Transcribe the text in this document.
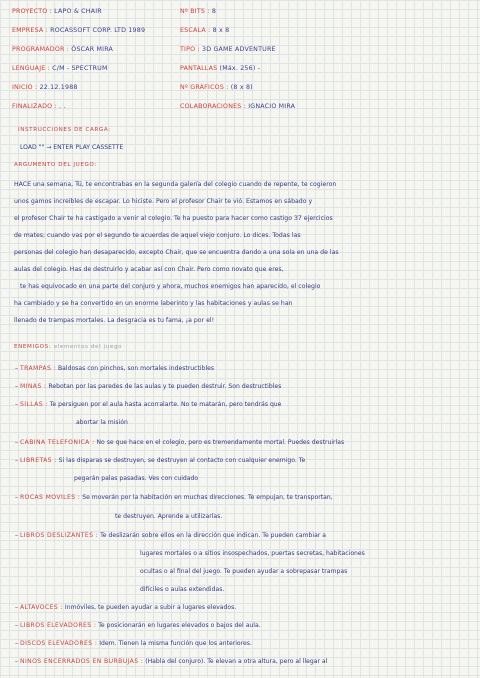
PROYECTO : LAPO & CHAIR
EMPRESA : ROCASSOFT CORP. LTD 1989
PROGRAMADOR : ÓSCAR MIRA
LENGUAJE : C/M - SPECTRUM
INICIO : 22.12.1988
FINALIZADO : . .
Nº BITS : 8
ESCALA : 8 x 8
TIPO : 3D GAME ADVENTURE
PANTALLAS (Máx. 256) -
Nº GRÁFICOS : (8 x 8)
COLABORACIONES : IGNACIO MIRA
INSTRUCCIONES DE CARGA:
LOAD "" → ENTER PLAY CASSETTE
ARGUMENTO DEL JUEGO:
HACE una semana, Tú, te encontrabas en la segunda galería del colegio cuando de repente, te cogieron
unos gamos increíbles de escapar. Lo hiciste. Pero el profesor Chair te vió. Estamos en sábado y
el profesor Chair te ha castigado a venir al colegio. Te ha puesto para hacer como castigo 37 ejercicios
de mates; cuando vas por el segundo te acuerdas de aquel viejo conjuro. Lo dices. Todas las
personas del colegio han desaparecido, excepto Chair, que se encuentra dando a una sola en una de las
aulas del colegio. Has de destruirlo y acabar así con Chair. Pero como novato que eres,
te has equivocado en una parte del conjuro y ahora, muchos enemigos han aparecido, el colegio
ha cambiado y se ha convertido en un enorme laberinto y las habitaciones y aulas se han
llenado de trampas mortales. La desgracia es tu fama, ¡a por el!
ENEMIGOS: elementos del juego
– TRAMPAS : Baldosas con pinchos, son mortales indestructibles
– MINAS : Rebotan por las paredes de las aulas y te pueden destruir. Son destructibles
– SILLAS : Te persiguen por el aula hasta acorralarte. No te matarán, pero tendrás que
abortar la misión
– CABINA TELEFÓNICA : No se que hace en el colegio, pero es tremendamente mortal. Puedes destruirlas
– LIBRETAS : Si las disparas se destruyen, se destruyen al contacto con cualquier enemigo. Te
pegarán palas pasadas. Ves con cuidado
– ROCAS MÓVILES : Se moverán por la habitación en muchas direcciones. Te empujan, te transportan,
te destruyen. Aprende a utilizarlas.
– LIBROS DESLIZANTES : Te deslizarán sobre ellos en la dirección que indican. Te pueden cambiar a
lugares mortales o a sitios insospechados, puertas secretas, habitaciones
ocultas o al final del juego. Te pueden ayudar a sobrepasar trampas
difíciles o aulas extendidas.
– ALTAVOCES : Inmóviles, te pueden ayudar a subir a lugares elevados.
– LIBROS ELEVADORES : Te posicionarán en lugares elevados o bajos del aula.
– DISCOS ELEVADORES : Idem. Tienen la misma función que los anteriores.
– NIÑOS ENCERRADOS EN BURBUJAS : (Habla del conjuro). Te elevan a otra altura, pero al llegar al
